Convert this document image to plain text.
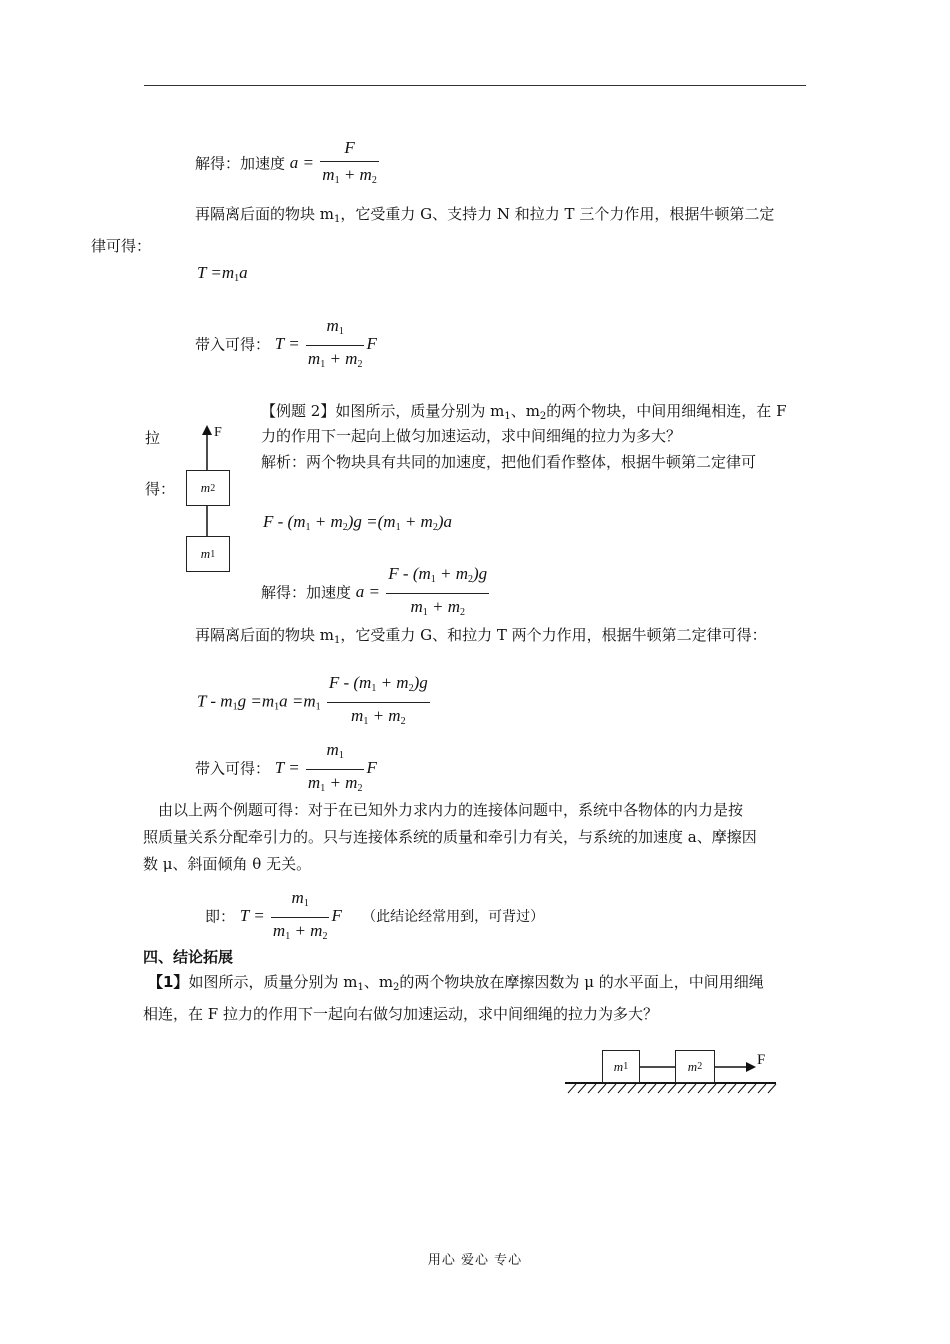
解得：加速度 $a = \frac{F}{m_1 + m_2}$
再隔离后面的物块 $m_1$，它受重力 G、支持力 N 和拉力 T 三个力作用，根据牛顿第二定
律可得：
$T =m_1a$
带入可得： $T = \frac{m_1}{m_1 + m_2}$ F
【例题 2】如图所示，质量分别为 $m_1$、$m_2$的两个物块，中间用细绳相连，在 F
力的作用下一起向上做匀加速运动，求中间细绳的拉力为多大？
解析：两个物块具有共同的加速度，把他们看作整体，根据牛顿第二定律可
拉
得：
F
m 2
m 1
$F - (m_1 + m_2)g =(m_1 + m_2)a$
解得：加速度 $a = \frac{F - (m_1 + m_2)g}{m_1 + m_2}$
再隔离后面的物块 $m_1$，它受重力 G、和拉力 T 两个力作用，根据牛顿第二定律可得：
$T - m_1g =m_1a =m_1 \frac{F - (m_1 + m_2)g}{m_1 + m_2}$
带入可得： $T = \frac{m_1}{m_1 + m_2}$ F
由以上两个例题可得：对于在已知外力求内力的连接体问题中，系统中各物体的内力是按
照质量关系分配牵引力的。只与连接体系统的质量和牵引力有关，与系统的加速度 a、摩擦因
数 μ、斜面倾角 θ 无关。
即： $T = \frac{m_1}{m_1 + m_2}$ F （此结论经常用到，可背过）
四、结论拓展
【1】如图所示，质量分别为 $m_1$、$m_2$的两个物块放在摩擦因数为 μ 的水平面上，中间用细绳
相连，在 F 拉力的作用下一起向右做匀加速运动，求中间细绳的拉力为多大？
m 1	m 2	F
用心 爱心 专心
